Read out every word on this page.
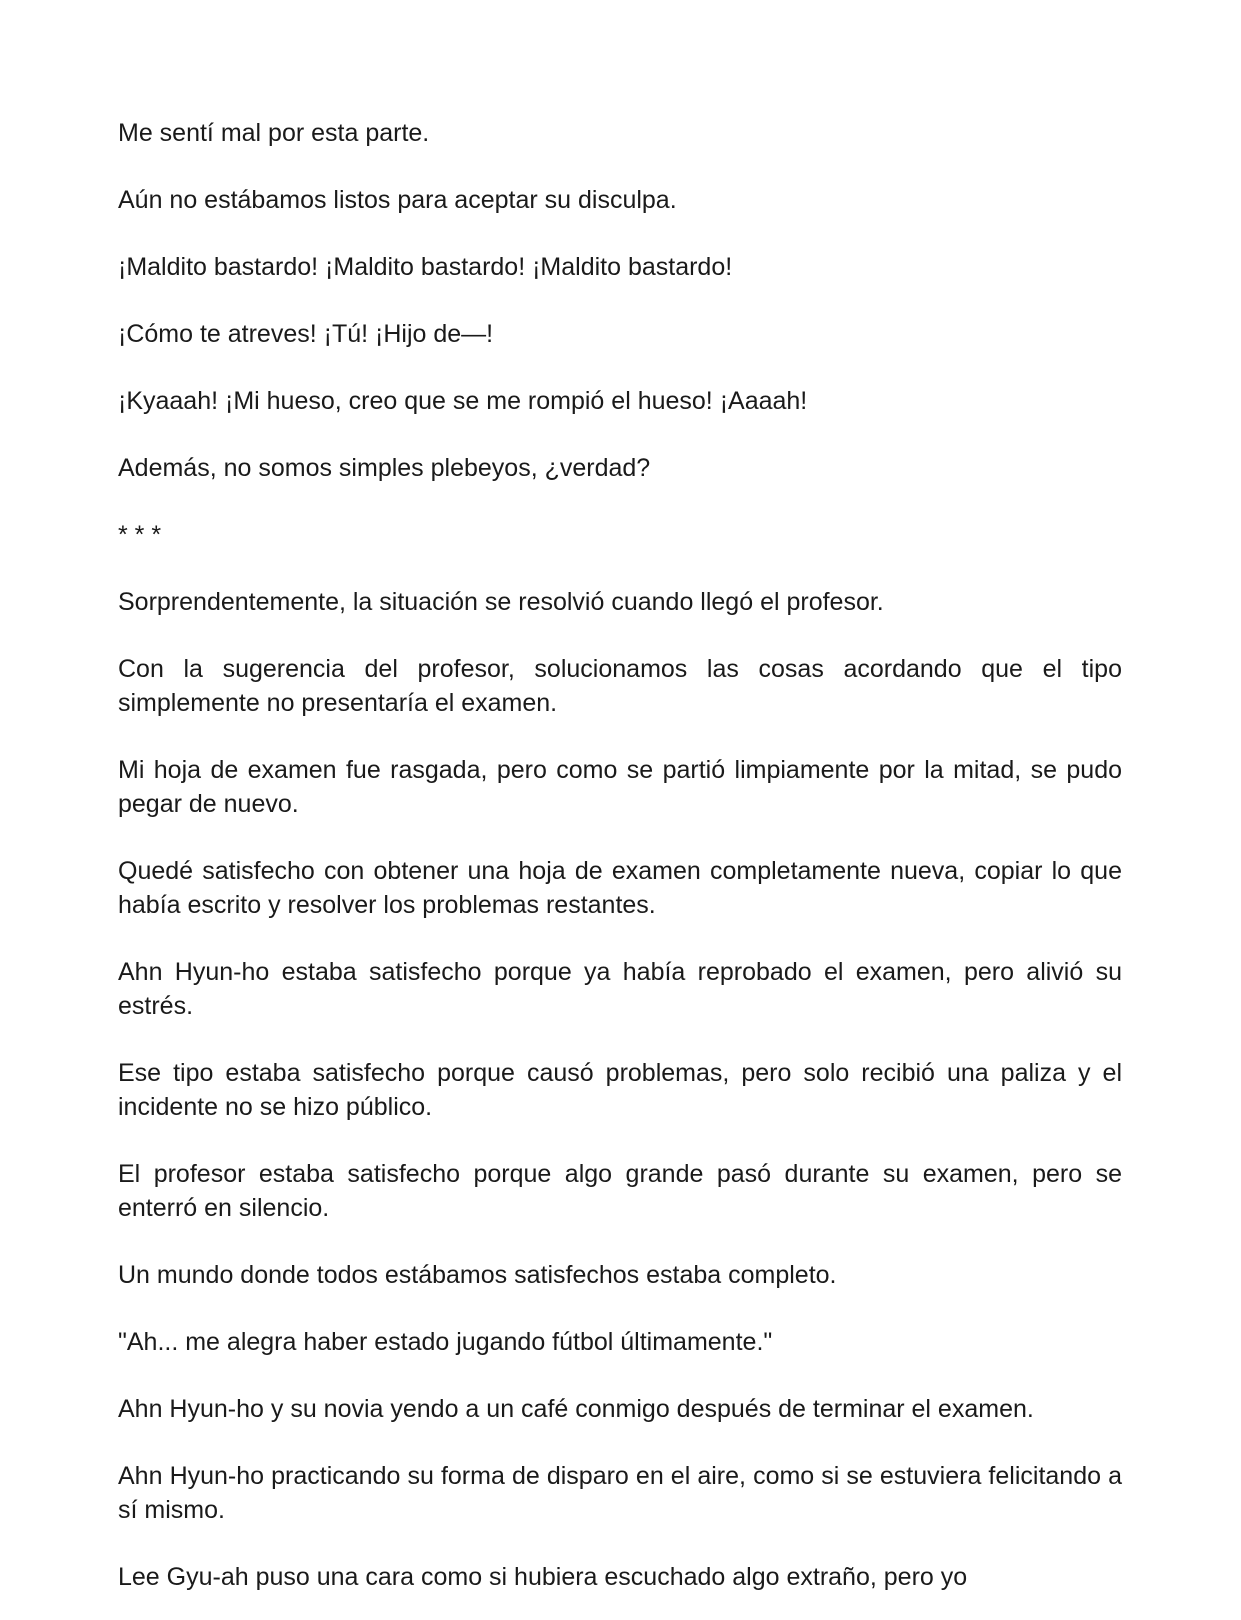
Me sentí mal por esta parte.

Aún no estábamos listos para aceptar su disculpa.

¡Maldito bastardo! ¡Maldito bastardo! ¡Maldito bastardo!

¡Cómo te atreves! ¡Tú! ¡Hijo de—!

¡Kyaaah! ¡Mi hueso, creo que se me rompió el hueso! ¡Aaaah!

Además, no somos simples plebeyos, ¿verdad?

* * *

Sorprendentemente, la situación se resolvió cuando llegó el profesor.

Con la sugerencia del profesor, solucionamos las cosas acordando que el tipo simplemente no presentaría el examen.

Mi hoja de examen fue rasgada, pero como se partió limpiamente por la mitad, se pudo pegar de nuevo.

Quedé satisfecho con obtener una hoja de examen completamente nueva, copiar lo que había escrito y resolver los problemas restantes.

Ahn Hyun-ho estaba satisfecho porque ya había reprobado el examen, pero alivió su estrés.

Ese tipo estaba satisfecho porque causó problemas, pero solo recibió una paliza y el incidente no se hizo público.

El profesor estaba satisfecho porque algo grande pasó durante su examen, pero se enterró en silencio.

Un mundo donde todos estábamos satisfechos estaba completo.

"Ah... me alegra haber estado jugando fútbol últimamente."

Ahn Hyun-ho y su novia yendo a un café conmigo después de terminar el examen.

Ahn Hyun-ho practicando su forma de disparo en el aire, como si se estuviera felicitando a sí mismo.

Lee Gyu-ah puso una cara como si hubiera escuchado algo extraño, pero yo
